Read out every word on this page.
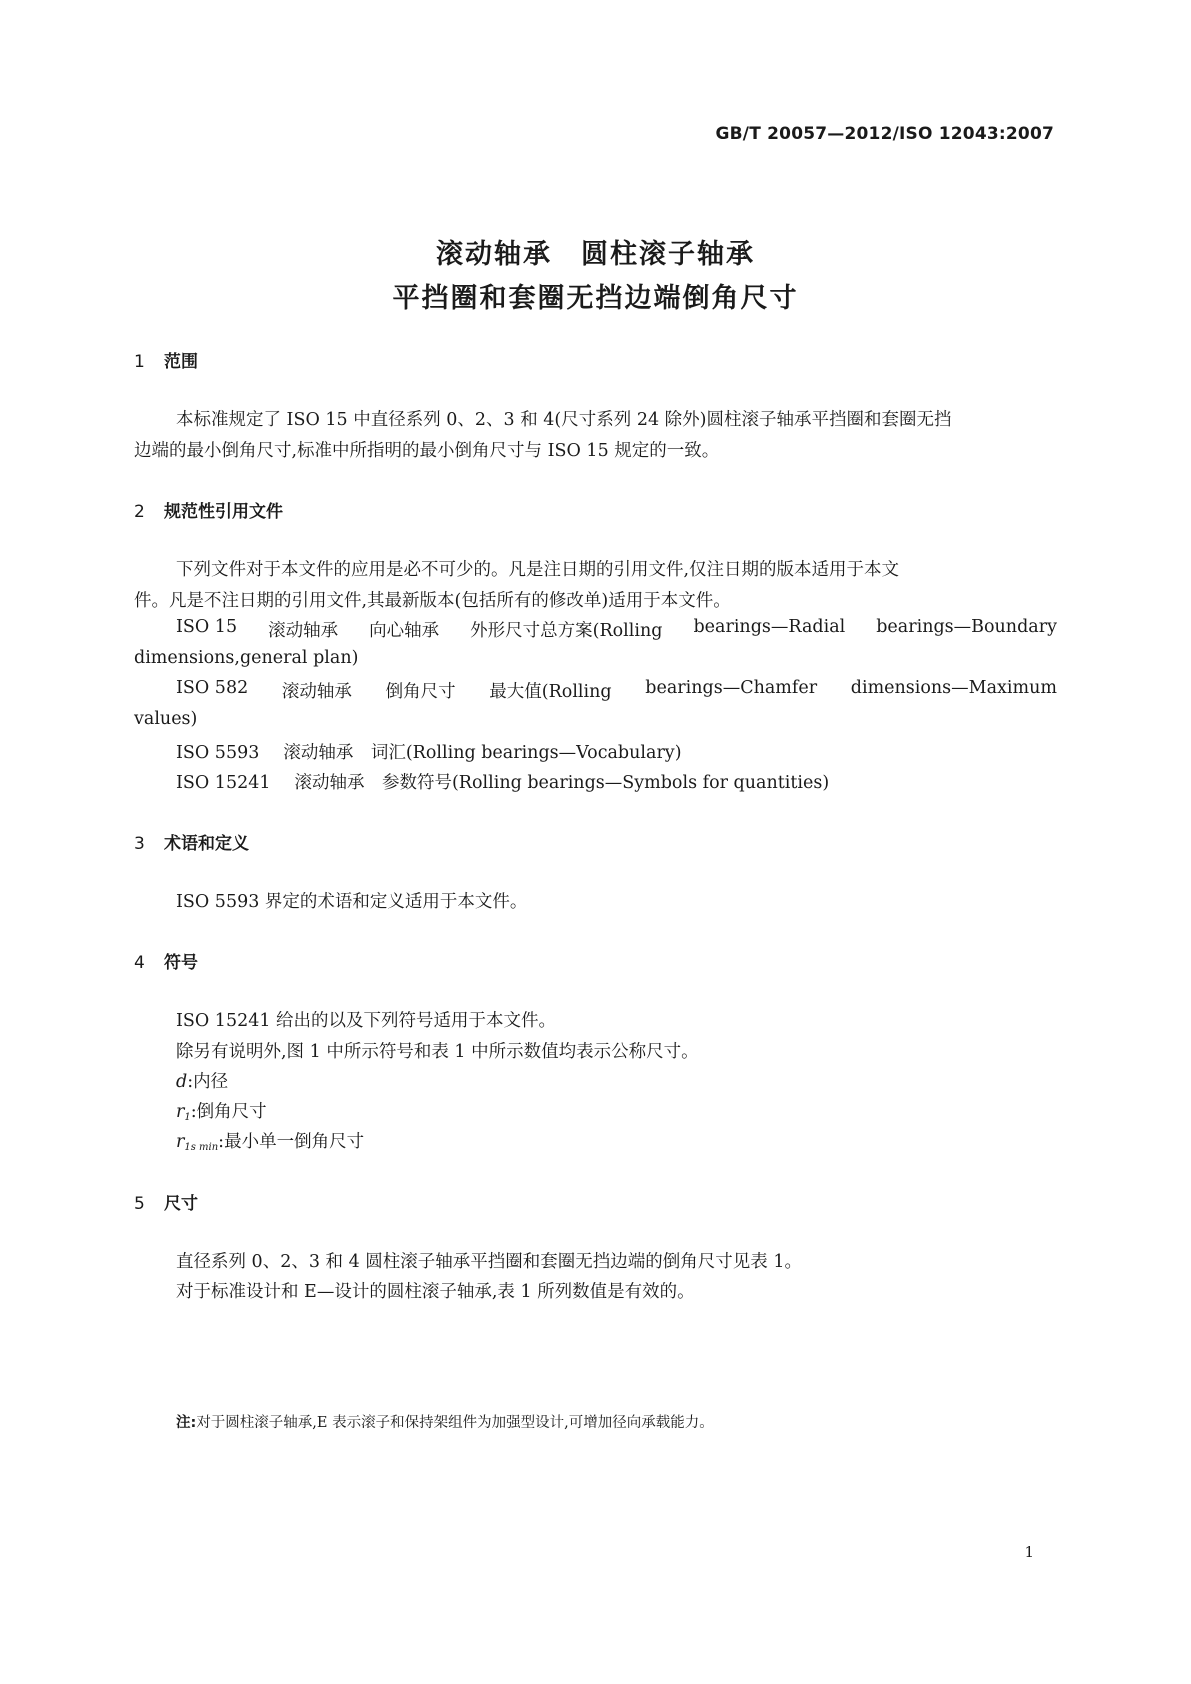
GB/T 20057—2012/ISO 12043:2007
滚动轴承　圆柱滚子轴承
平挡圈和套圈无挡边端倒角尺寸
1 范围
本标准规定了 ISO 15 中直径系列 0、2、3 和 4(尺寸系列 24 除外)圆柱滚子轴承平挡圈和套圈无挡
边端的最小倒角尺寸,标准中所指明的最小倒角尺寸与 ISO 15 规定的一致。
2 规范性引用文件
下列文件对于本文件的应用是必不可少的。凡是注日期的引用文件,仅注日期的版本适用于本文
件。凡是不注日期的引用文件,其最新版本(包括所有的修改单)适用于本文件。
ISO 15 滚动轴承 向心轴承 外形尺寸总方案(Rolling bearings—Radial bearings—Boundary
dimensions,general plan)
ISO 582 滚动轴承 倒角尺寸 最大值(Rolling bearings—Chamfer dimensions—Maximum
values)
ISO 5593 滚动轴承　词汇(Rolling bearings—Vocabulary)
ISO 15241 滚动轴承　参数符号(Rolling bearings—Symbols for quantities)
3 术语和定义
ISO 5593 界定的术语和定义适用于本文件。
4 符号
ISO 15241 给出的以及下列符号适用于本文件。
除另有说明外,图 1 中所示符号和表 1 中所示数值均表示公称尺寸。
d:内径
$r_1$:倒角尺寸
$r_{1s min}$:最小单一倒角尺寸
5 尺寸
直径系列 0、2、3 和 4 圆柱滚子轴承平挡圈和套圈无挡边端的倒角尺寸见表 1。
对于标准设计和 E—设计的圆柱滚子轴承,表 1 所列数值是有效的。
注:对于圆柱滚子轴承,E 表示滚子和保持架组件为加强型设计,可增加径向承载能力。
1
